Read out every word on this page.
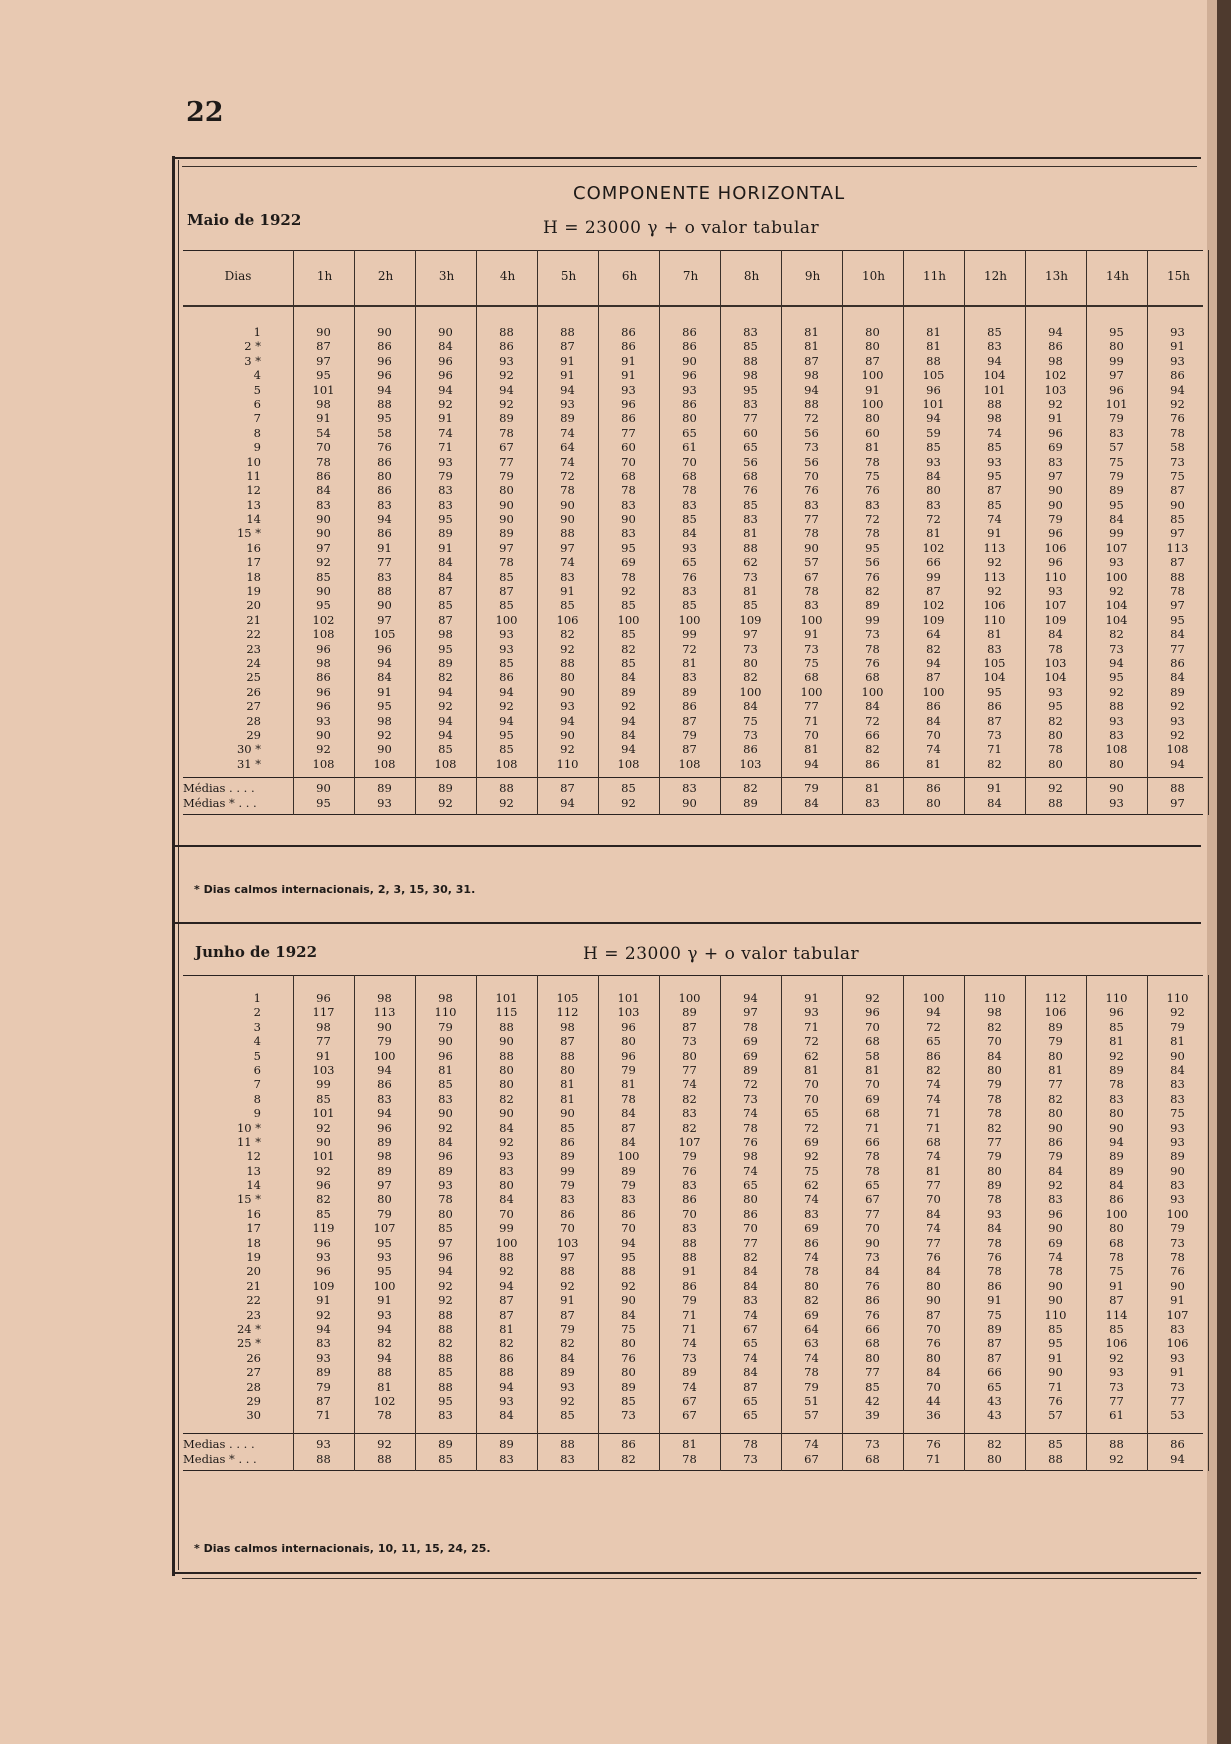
22
COMPONENTE HORIZONTAL
Maio de 1922	H = 23000 γ + o valor tabular
Dias	1h	2h	3h	4h	5h	6h	7h	8h	9h	10h	11h	12h	13h	14h	15h
1	90	90	90	88	88	86	86	83	81	80	81	85	94	95	93
2 *	87	86	84	86	87	86	86	85	81	80	81	83	86	80	91
3 *	97	96	96	93	91	91	90	88	87	87	88	94	98	99	93
4	95	96	96	92	91	91	96	98	98	100	105	104	102	97	86
5	101	94	94	94	94	93	93	95	94	91	96	101	103	96	94
6	98	88	92	92	93	96	86	83	88	100	101	88	92	101	92
7	91	95	91	89	89	86	80	77	72	80	94	98	91	79	76
8	54	58	74	78	74	77	65	60	56	60	59	74	96	83	78
9	70	76	71	67	64	60	61	65	73	81	85	85	69	57	58
10	78	86	93	77	74	70	70	56	56	78	93	93	83	75	73
11	86	80	79	79	72	68	68	68	70	75	84	95	97	79	75
12	84	86	83	80	78	78	78	76	76	76	80	87	90	89	87
13	83	83	83	90	90	83	83	85	83	83	83	85	90	95	90
14	90	94	95	90	90	90	85	83	77	72	72	74	79	84	85
15 *	90	86	89	89	88	83	84	81	78	78	81	91	96	99	97
16	97	91	91	97	97	95	93	88	90	95	102	113	106	107	113
17	92	77	84	78	74	69	65	62	57	56	66	92	96	93	87
18	85	83	84	85	83	78	76	73	67	76	99	113	110	100	88
19	90	88	87	87	91	92	83	81	78	82	87	92	93	92	78
20	95	90	85	85	85	85	85	85	83	89	102	106	107	104	97
21	102	97	87	100	106	100	100	109	100	99	109	110	109	104	95
22	108	105	98	93	82	85	99	97	91	73	64	81	84	82	84
23	96	96	95	93	92	82	72	73	73	78	82	83	78	73	77
24	98	94	89	85	88	85	81	80	75	76	94	105	103	94	86
25	86	84	82	86	80	84	83	82	68	68	87	104	104	95	84
26	96	91	94	94	90	89	89	100	100	100	100	95	93	92	89
27	96	95	92	92	93	92	86	84	77	84	86	86	95	88	92
28	93	98	94	94	94	94	87	75	71	72	84	87	82	93	93
29	90	92	94	95	90	84	79	73	70	66	70	73	80	83	92
30 *	92	90	85	85	92	94	87	86	81	82	74	71	78	108	108
31 *	108	108	108	108	110	108	108	103	94	86	81	82	80	80	94
Médias . . . .	90	89	89	88	87	85	83	82	79	81	86	91	92	90	88
Médias * . . .	95	93	92	92	94	92	90	89	84	83	80	84	88	93	97
* Dias calmos internacionais, 2, 3, 15, 30, 31.
Junho de 1922	H = 23000 γ + o valor tabular
1	96	98	98	101	105	101	100	94	91	92	100	110	112	110	110
2	117	113	110	115	112	103	89	97	93	96	94	98	106	96	92
3	98	90	79	88	98	96	87	78	71	70	72	82	89	85	79
4	77	79	90	90	87	80	73	69	72	68	65	70	79	81	81
5	91	100	96	88	88	96	80	69	62	58	86	84	80	92	90
6	103	94	81	80	80	79	77	89	81	81	82	80	81	89	84
7	99	86	85	80	81	81	74	72	70	70	74	79	77	78	83
8	85	83	83	82	81	78	82	73	70	69	74	78	82	83	83
9	101	94	90	90	90	84	83	74	65	68	71	78	80	80	75
10 *	92	96	92	84	85	87	82	78	72	71	71	82	90	90	93
11 *	90	89	84	92	86	84	107	76	69	66	68	77	86	94	93
12	101	98	96	93	89	100	79	98	92	78	74	79	79	89	89
13	92	89	89	83	99	89	76	74	75	78	81	80	84	89	90
14	96	97	93	80	79	79	83	65	62	65	77	89	92	84	83
15 *	82	80	78	84	83	83	86	80	74	67	70	78	83	86	93
16	85	79	80	70	86	86	70	86	83	77	84	93	96	100	100
17	119	107	85	99	70	70	83	70	69	70	74	84	90	80	79
18	96	95	97	100	103	94	88	77	86	90	77	78	69	68	73
19	93	93	96	88	97	95	88	82	74	73	76	76	74	78	78
20	96	95	94	92	88	88	91	84	78	84	84	78	78	75	76
21	109	100	92	94	92	92	86	84	80	76	80	86	90	91	90
22	91	91	92	87	91	90	79	83	82	86	90	91	90	87	91
23	92	93	88	87	87	84	71	74	69	76	87	75	110	114	107
24 *	94	94	88	81	79	75	71	67	64	66	70	89	85	85	83
25 *	83	82	82	82	82	80	74	65	63	68	76	87	95	106	106
26	93	94	88	86	84	76	73	74	74	80	80	87	91	92	93
27	89	88	85	88	89	80	89	84	78	77	84	66	90	93	91
28	79	81	88	94	93	89	74	87	79	85	70	65	71	73	73
29	87	102	95	93	92	85	67	65	51	42	44	43	76	77	77
30	71	78	83	84	85	73	67	65	57	39	36	43	57	61	53
Medias . . . .	93	92	89	89	88	86	81	78	74	73	76	82	85	88	86
Medias * . . .	88	88	85	83	83	82	78	73	67	68	71	80	88	92	94
* Dias calmos internacionais, 10, 11, 15, 24, 25.
